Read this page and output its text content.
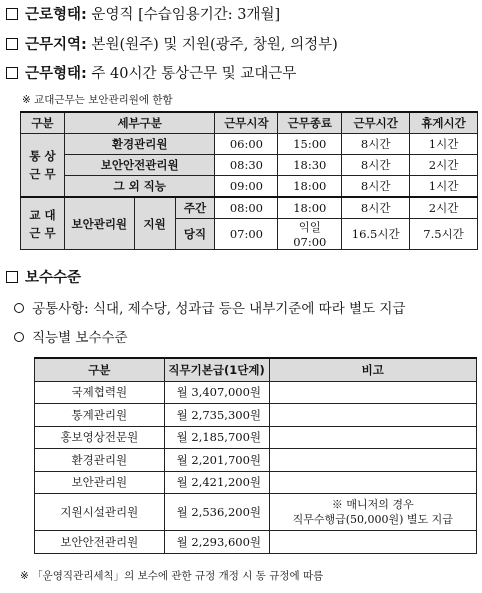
근로형태: 운영직 [수습임용기간: 3개월]
근무지역: 본원(원주) 및 지원(광주, 창원, 의정부)
근무형태: 주 40시간 통상근무 및 교대근무
※ 교대근무는 보안관리원에 한함
구분	세부구분			근무시작	근무종료	근무시간	휴게시간
통 상
근 무	환경관리원			06:00	15:00	8시간	1시간
	보안안전관리원			08:30	18:30	8시간	2시간
	그 외 직능			09:00	18:00	8시간	1시간
교 대
근 무	보안관리원	지원	주간	08:00	18:00	8시간	2시간
			당직	07:00	익일 07:00	16.5시간	7.5시간
보수수준
공통사항: 식대, 제수당, 성과급 등은 내부기준에 따라 별도 지급
직능별 보수수준
구분	직무기본급(1단계)	비고
국제협력원	월 3,407,000원	
통계관리원	월 2,735,300원	
홍보영상전문원	월 2,185,700원	
환경관리원	월 2,201,700원	
보안관리원	월 2,421,200원	
지원시설관리원	월 2,536,200원	※ 매니저의 경우
직무수행급(50,000원) 별도 지급

보안안전관리원	월 2,293,600원	
※ 「운영직관리세칙」의 보수에 관한 규정 개정 시 동 규정에 따름
